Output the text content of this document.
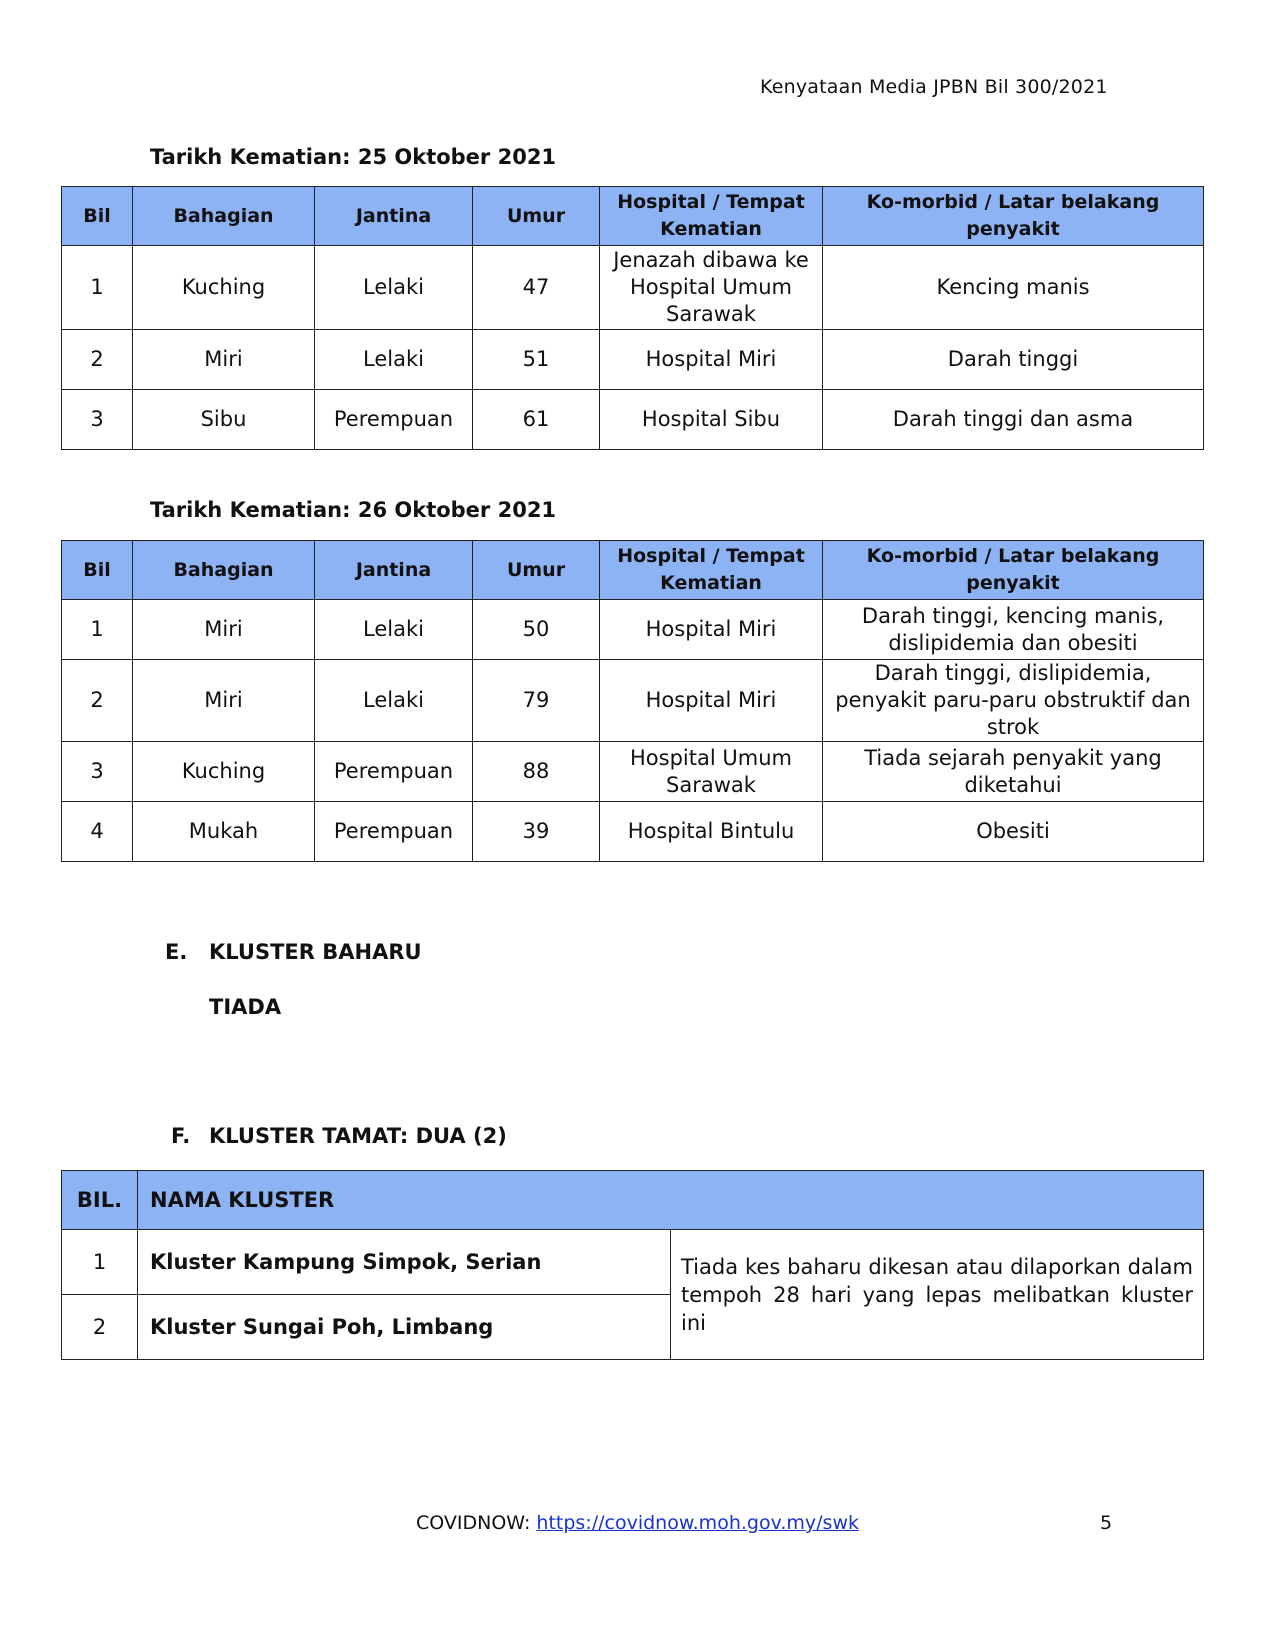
Kenyataan Media JPBN Bil 300/2021
Tarikh Kematian: 25 Oktober 2021
Bil	Bahagian	Jantina	Umur	Hospital / Tempat Kematian	Ko-morbid / Latar belakang penyakit
1	Kuching	Lelaki	47	Jenazah dibawa ke Hospital Umum Sarawak	Kencing manis
2	Miri	Lelaki	51	Hospital Miri	Darah tinggi
3	Sibu	Perempuan	61	Hospital Sibu	Darah tinggi dan asma
Tarikh Kematian: 26 Oktober 2021
Bil	Bahagian	Jantina	Umur	Hospital / Tempat Kematian	Ko-morbid / Latar belakang penyakit
1	Miri	Lelaki	50	Hospital Miri	Darah tinggi, kencing manis, dislipidemia dan obesiti
2	Miri	Lelaki	79	Hospital Miri	Darah tinggi, dislipidemia, penyakit paru-paru obstruktif dan strok
3	Kuching	Perempuan	88	Hospital Umum Sarawak	Tiada sejarah penyakit yang diketahui
4	Mukah	Perempuan	39	Hospital Bintulu	Obesiti
E. KLUSTER BAHARU
TIADA
F. KLUSTER TAMAT: DUA (2)
BIL.	NAMA KLUSTER	
1	Kluster Kampung Simpok, Serian	Tiada kes baharu dikesan atau dilaporkan dalam tempoh 28 hari yang lepas melibatkan kluster ini
2	Kluster Sungai Poh, Limbang	
COVIDNOW: https://covidnow.moh.gov.my/swk	5
